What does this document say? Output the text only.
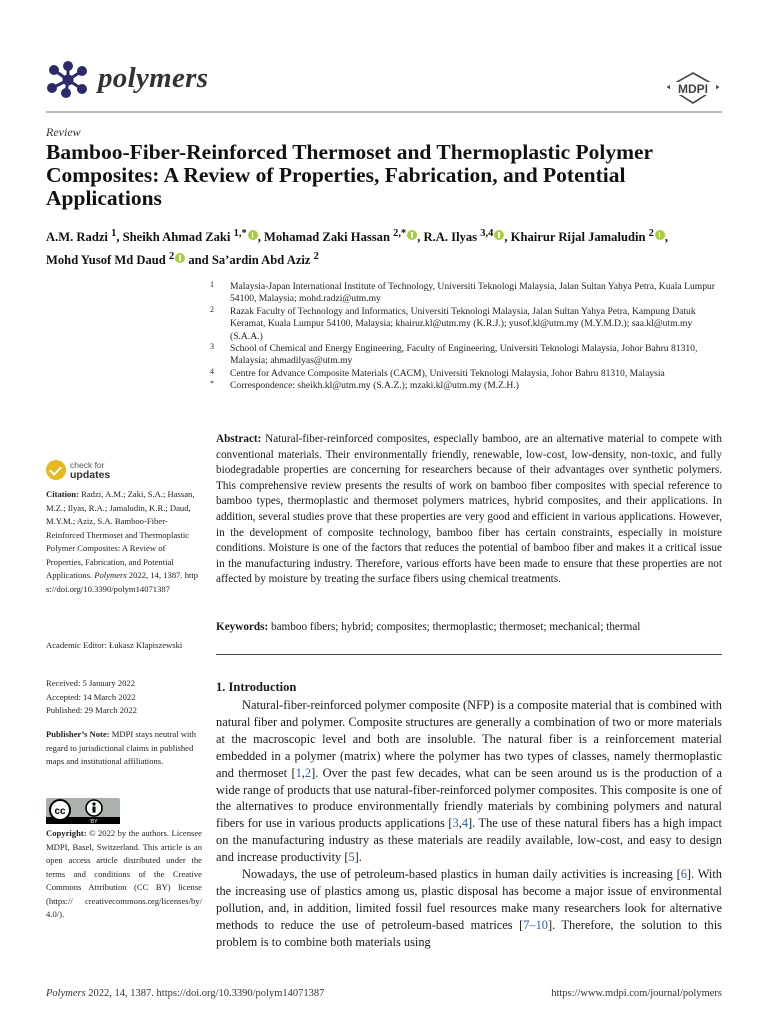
polymers	MDPI
Review
Bamboo-Fiber-Reinforced Thermoset and Thermoplastic Polymer Composites: A Review of Properties, Fabrication, and Potential Applications
A.M. Radzi $^1$, Sheikh Ahmad Zaki $^{1,*}$ , Mohamad Zaki Hassan $^{2,*}$ , R.A. Ilyas $^{3,4}$ , Khairur Rijal Jamaludin $^2$ ,
Mohd Yusof Md Daud $^2$ and Sa’ardin Abd Aziz $^2$
1 Malaysia-Japan International Institute of Technology, Universiti Teknologi Malaysia, Jalan Sultan Yahya Petra, Kuala Lumpur 54100, Malaysia; mohd.radzi@utm.my
2 Razak Faculty of Technology and Informatics, Universiti Teknologi Malaysia, Jalan Sultan Yahya Petra, Kampung Datuk Keramat, Kuala Lumpur 54100, Malaysia; khairur.kl@utm.my (K.R.J.); yusof.kl@utm.my (M.Y.M.D.); saa.kl@utm.my (S.A.A.)
3 School of Chemical and Energy Engineering, Faculty of Engineering, Universiti Teknologi Malaysia, Johor Bahru 81310, Malaysia; ahmadilyas@utm.my
4 Centre for Advance Composite Materials (CACM), Universiti Teknologi Malaysia, Johor Bahru 81310, Malaysia
* Correspondence: sheikh.kl@utm.my (S.A.Z.); mzaki.kl@utm.my (M.Z.H.)
check for
updates
Citation: Radzi, A.M.; Zaki, S.A.; Hassan, M.Z.; Ilyas, R.A.; Jamaludin, K.R.; Daud, M.Y.M.; Aziz, S.A. Bamboo-Fiber-Reinforced Thermoset and Thermoplastic Polymer Composites: A Review of Properties, Fabrication, and Potential Applications. Polymers 2022, 14, 1387. https://doi.org/10.3390/polym14071387
Academic Editor: Łukasz Klapiszewski
Received: 5 January 2022
Accepted: 14 March 2022
Published: 29 March 2022
Publisher’s Note: MDPI stays neutral with regard to jurisdictional claims in published maps and institutional affiliations.
cc
BY
Copyright: © 2022 by the authors. Licensee MDPI, Basel, Switzerland. This article is an open access article distributed under the terms and conditions of the Creative Commons Attribution (CC BY) license (https:// creativecommons.org/licenses/by/ 4.0/).
Abstract: Natural-fiber-reinforced composites, especially bamboo, are an alternative material to compete with conventional materials. Their environmentally friendly, renewable, low-cost, low-density, non-toxic, and fully biodegradable properties are concerning for researchers because of their advantages over synthetic polymers. This comprehensive review presents the results of work on bamboo fiber composites with special reference to bamboo types, thermoplastic and thermoset polymers matrices, hybrid composites, and their applications. In addition, several studies prove that these properties are very good and efficient in various applications. However, in the development of composite technology, bamboo fiber has certain constraints, especially in moisture conditions. Moisture is one of the factors that reduces the potential of bamboo fiber and makes it a critical issue in the manufacturing industry. Therefore, various efforts have been made to ensure that these properties are not affected by moisture by treating the surface fibers using chemical treatments.
Keywords: bamboo fibers; hybrid; composites; thermoplastic; thermoset; mechanical; thermal
1. Introduction

Natural-fiber-reinforced polymer composite (NFP) is a composite material that is combined with natural fiber and polymer. Composite structures are generally a combination of two or more materials at the macroscopic level and both are insoluble. The natural fiber is a reinforcement material embedded in a polymer (matrix) where the polymer has two types of classes, namely thermoplastic and thermoset [1,2]. Over the past few decades, what can be seen around us is the production of a wide range of products that use natural-fiber-reinforced polymer composites. This composite is one of the alternatives to produce environmentally friendly materials by combining polymers and natural fibers for use in various products applications [3,4]. The use of these natural fibers has a high impact on the manufacturing industry as these materials are readily available, low-cost, and easy to design and increase productivity [5].

Nowadays, the use of petroleum-based plastics in human daily activities is increasing [6]. With the increasing use of plastics among us, plastic disposal has become a major issue of environmental pollution, and, in addition, limited fossil fuel resources make many researchers look for alternative methods to reduce the use of petroleum-based matrices [7–10]. Therefore, the solution to this problem is to combine both materials using

Polymers 2022, 14, 1387. https://doi.org/10.3390/polym14071387	https://www.mdpi.com/journal/polymers
